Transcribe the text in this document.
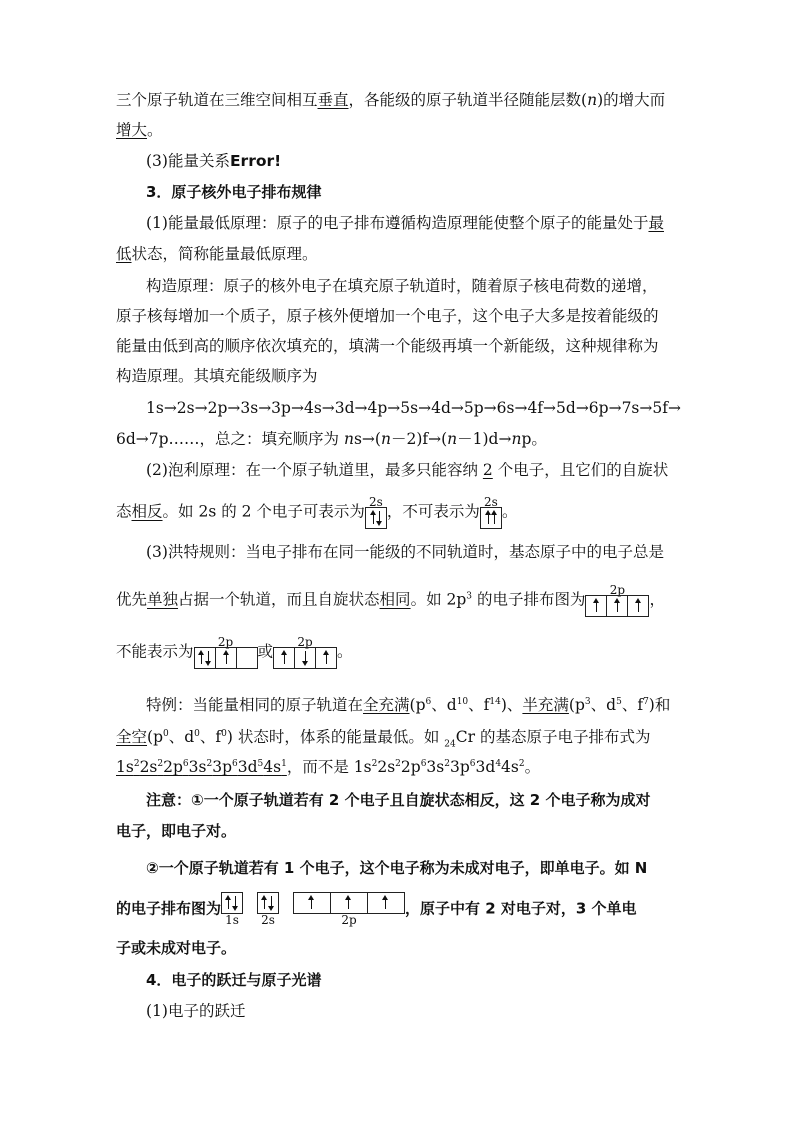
三个原子轨道在三维空间相互垂直，各能级的原子轨道半径随能层数(n)的增大而
增大。
(3)能量关系Error!
3．原子核外电子排布规律
(1)能量最低原理：原子的电子排布遵循构造原理能使整个原子的能量处于最
低状态，简称能量最低原理。
构造原理：原子的核外电子在填充原子轨道时，随着原子核电荷数的递增，
原子核每增加一个质子，原子核外便增加一个电子，这个电子大多是按着能级的
能量由低到高的顺序依次填充的，填满一个能级再填一个新能级，这种规律称为
构造原理。其填充能级顺序为
1s→2s→2p→3s→3p→4s→3d→4p→5s→4d→5p→6s→4f→5d→6p→7s→5f→
6d→7p……，总之：填充顺序为 ns→(n－2)f→(n－1)d→np。
(2)泡利原理：在一个原子轨道里，最多只能容纳 2 个电子，且它们的自旋状
态相反。如 2s 的 2 个电子可表示为
2s
，不可表示为
2s
。
(3)洪特规则：当电子排布在同一能级的不同轨道时，基态原子中的电子总是
优先单独占据一个轨道，而且自旋状态相同。如 $2p^3$ 的电子排布图为
2p
，
不能表示为
2p
或
2p
。
特例：当能量相同的原子轨道在全充满($p^6$、$d^{10}$、$f^{14}$)、半充满($p^3$、$d^5$、$f^7$)和
全空($p^0$、$d^0$、$f^0$) 状态时，体系的能量最低。如 $_{24}$Cr 的基态原子电子排布式为
$1s^22s^22p^63s^23p^63d^54s^1$，而不是 $1s^22s^22p^63s^23p^63d^44s^2$。
注意：①一个原子轨道若有 2 个电子且自旋状态相反，这 2 个电子称为成对
电子，即电子对。
②一个原子轨道若有 1 个电子，这个电子称为未成对电子，即单电子。如 N
的电子排布图为
1s 2s	2p
，原子中有 2 对电子对，3 个单电
子或未成对电子。
4．电子的跃迁与原子光谱
(1)电子的跃迁
